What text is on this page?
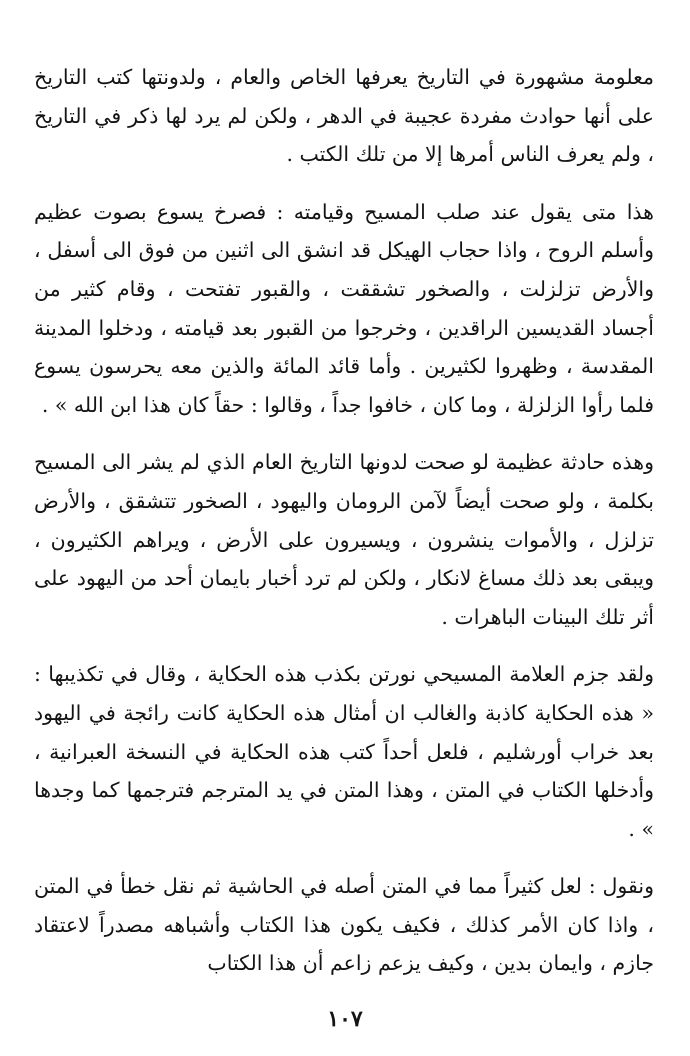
معلومة مشهورة في التاريخ يعرفها الخاص والعام ، ولدونتها كتب التاريخ على أنها حوادث مفردة عجيبة في الدهر ، ولكن لم يرد لها ذكر في التاريخ ، ولم يعرف الناس أمرها إلا من تلك الكتب .

هذا متى يقول عند صلب المسيح وقيامته : فصرخ يسوع بصوت عظيم وأسلم الروح ، واذا حجاب الهيكل قد انشق الى اثنين من فوق الى أسفل ، والأرض تزلزلت ، والصخور تشققت ، والقبور تفتحت ، وقام كثير من أجساد القديسين الراقدين ، وخرجوا من القبور بعد قيامته ، ودخلوا المدينة المقدسة ، وظهروا لكثيرين . وأما قائد المائة والذين معه يحرسون يسوع فلما رأوا الزلزلة ، وما كان ، خافوا جداً ، وقالوا : حقاً كان هذا ابن الله » .

وهذه حادثة عظيمة لو صحت لدونها التاريخ العام الذي لم يشر الى المسيح بكلمة ، ولو صحت أيضاً لآمن الرومان واليهود ، الصخور تتشقق ، والأرض تزلزل ، والأموات ينشرون ، ويسيرون على الأرض ، ويراهم الكثيرون ، ويبقى بعد ذلك مساغ لانكار ، ولكن لم ترد أخبار بايمان أحد من اليهود على أثر تلك البينات الباهرات .

ولقد جزم العلامة المسيحي نورتن بكذب هذه الحكاية ، وقال في تكذيبها : « هذه الحكاية كاذبة والغالب ان أمثال هذه الحكاية كانت رائجة في اليهود بعد خراب أورشليم ، فلعل أحداً كتب هذه الحكاية في النسخة العبرانية ، وأدخلها الكتاب في المتن ، وهذا المتن في يد المترجم فترجمها كما وجدها » .

ونقول : لعل كثيراً مما في المتن أصله في الحاشية ثم نقل خطأ في المتن ، واذا كان الأمر كذلك ، فكيف يكون هذا الكتاب وأشباهه مصدراً لاعتقاد جازم ، وايمان بدين ، وكيف يزعم زاعم أن هذا الكتاب

١٠٧
